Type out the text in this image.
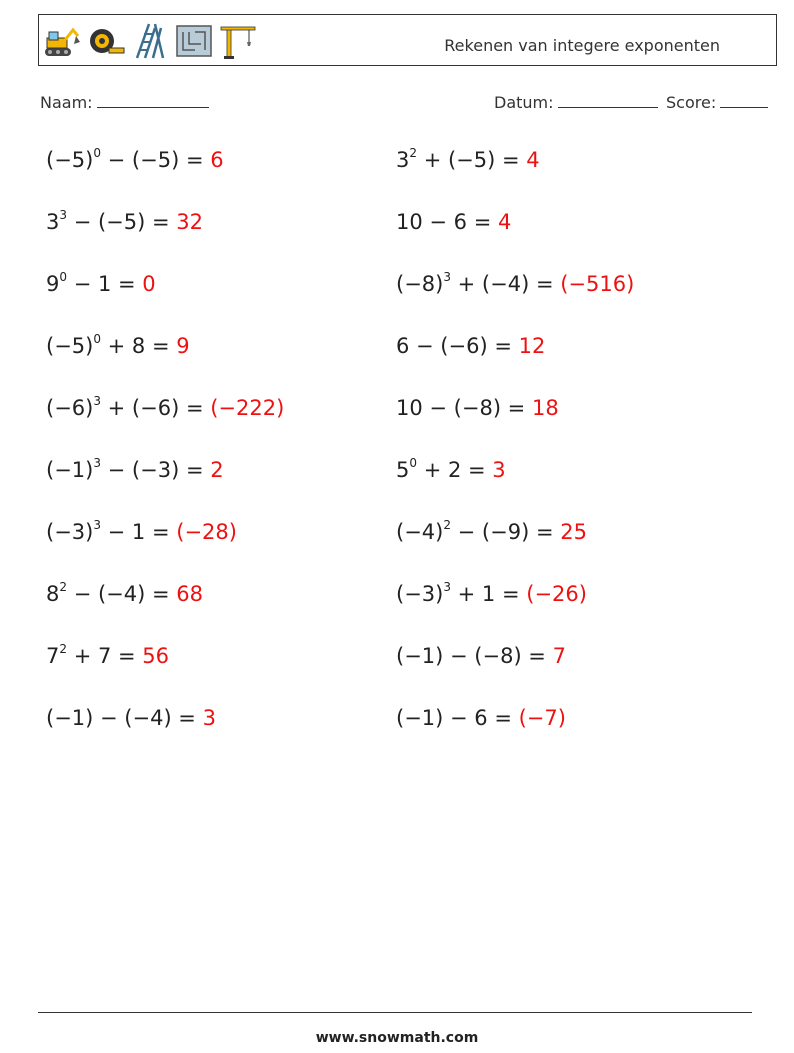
Rekenen van integere exponenten
Naam:	Datum:	Score:
$(-5)^0 - (-5) = 6$	$3^2 + (-5) = 4$
$3^3 - (-5) = 32$	10 − 6 = 4
$9^0 - 1 = 0$	$(-8)^3 + (-4) = (-516)$
$(-5)^0 + 8 = 9$	6 − (−6) = 12
$(-6)^3 + (-6) = (-222)$	10 − (−8) = 18
$(-1)^3 - (-3) = 2$	$5^0 + 2 = 3$
$(-3)^3 - 1 = (-28)$	$(-4)^2 - (-9) = 25$
$8^2 - (-4) = 68$	$(-3)^3 + 1 = (-26)$
$7^2 + 7 = 56$	(−1) − (−8) = 7
(−1) − (−4) = 3	(−1) − 6 = (−7)
www.snowmath.com
